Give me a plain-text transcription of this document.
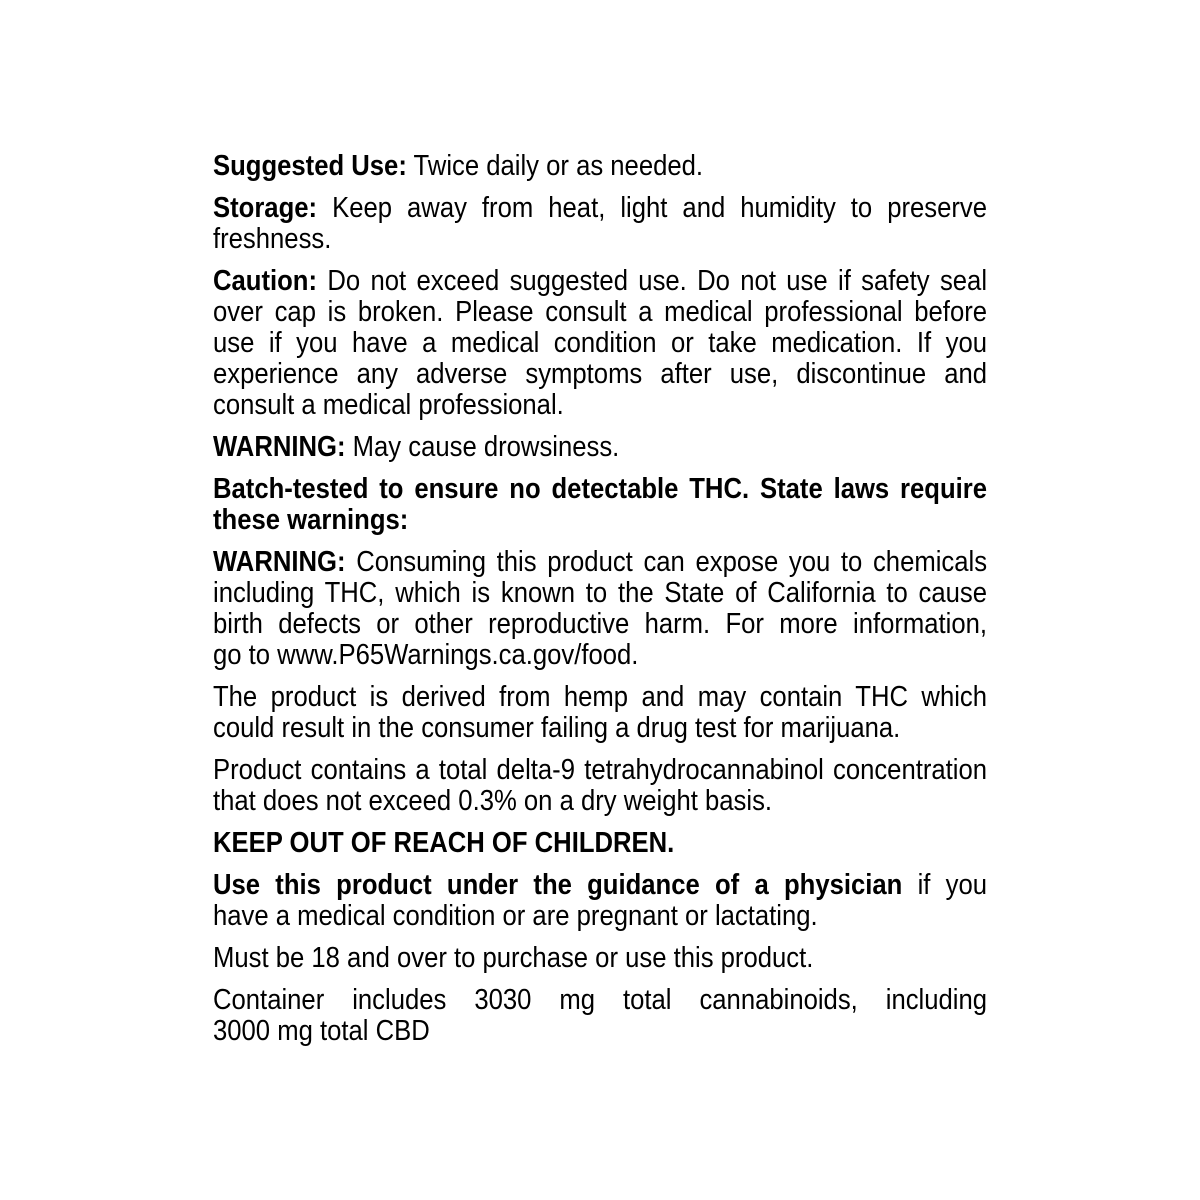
Suggested Use: Twice daily or as needed.
Storage: Keep away from heat, light and humidity to preserve
freshness.
Caution: Do not exceed suggested use. Do not use if safety seal
over cap is broken. Please consult a medical professional before
use if you have a medical condition or take medication. If you
experience any adverse symptoms after use, discontinue and
consult a medical professional.
WARNING: May cause drowsiness.
Batch-tested to ensure no detectable THC. State laws require
these warnings:
WARNING: Consuming this product can expose you to chemicals
including THC, which is known to the State of California to cause
birth defects or other reproductive harm. For more information,
go to www.P65Warnings.ca.gov/food.
The product is derived from hemp and may contain THC which
could result in the consumer failing a drug test for marijuana.
Product contains a total delta-9 tetrahydrocannabinol concentration
that does not exceed 0.3% on a dry weight basis.
KEEP OUT OF REACH OF CHILDREN.
Use this product under the guidance of a physician if you
have a medical condition or are pregnant or lactating.
Must be 18 and over to purchase or use this product.
Container includes 3030 mg total cannabinoids, including
3000 mg total CBD
